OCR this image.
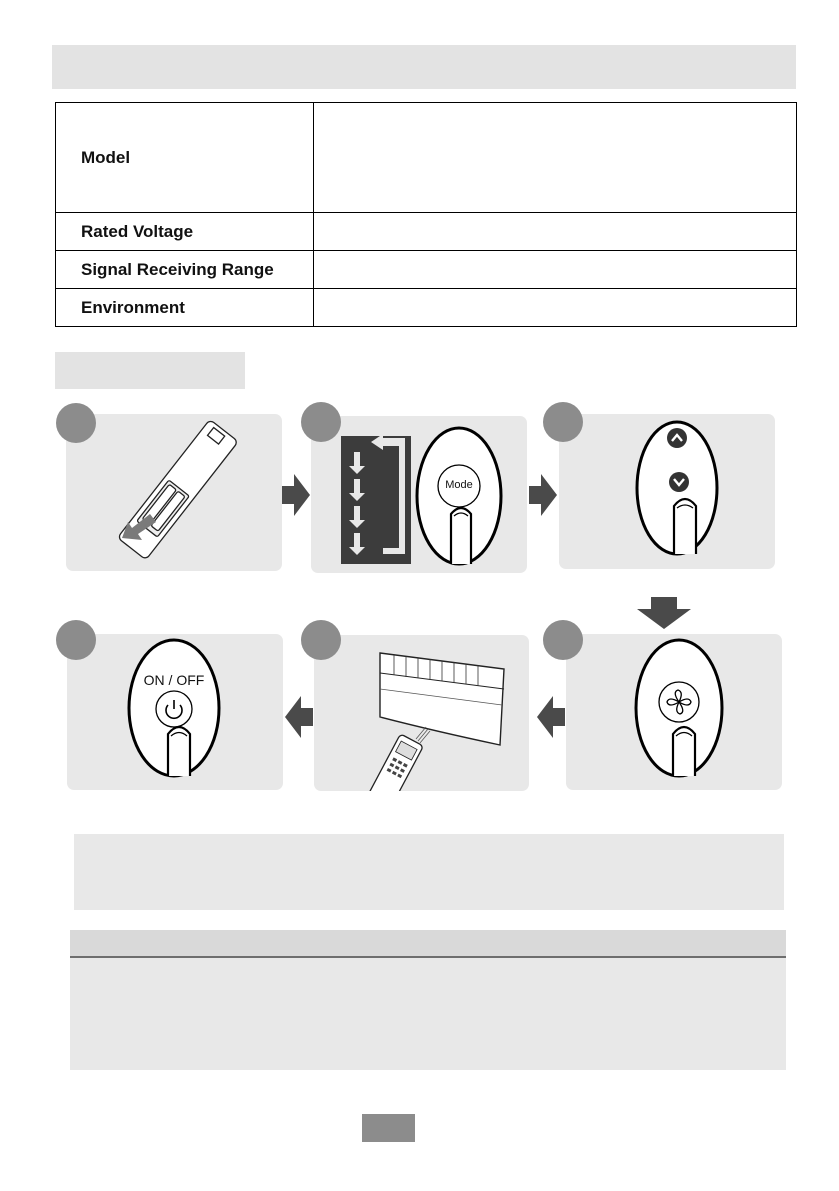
Model	
Rated Voltage	
Signal Receiving Range	
Environment	
Mode
ON / OFF
